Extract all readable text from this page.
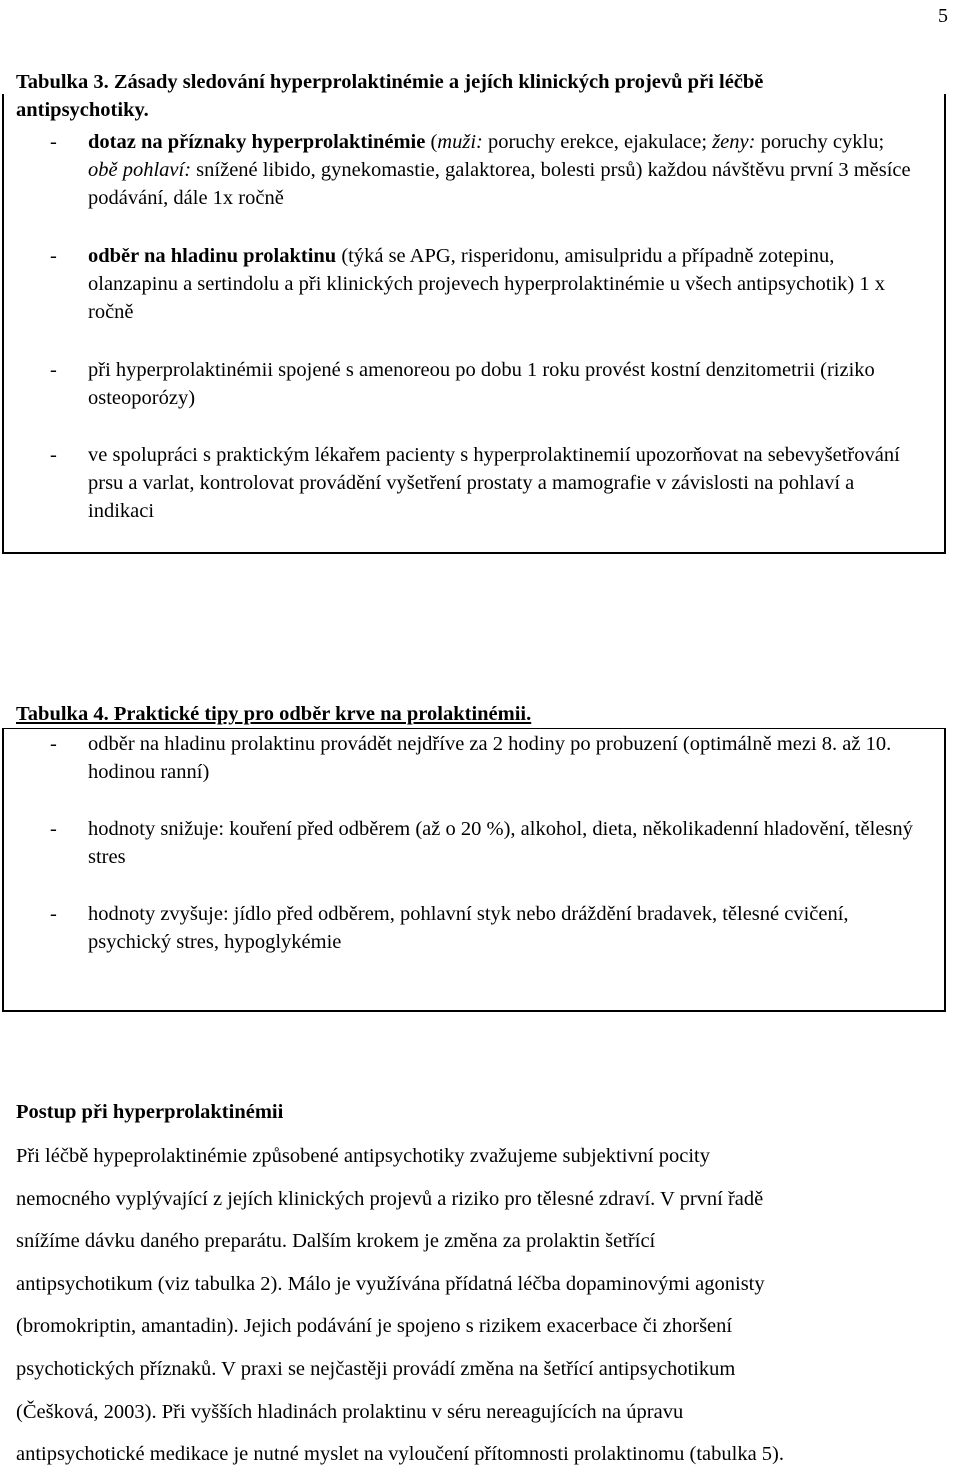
5
Tabulka 3. Zásady sledování hyperprolaktinémie a jejích klinických projevů při léčbě
antipsychotiky.
- dotaz na příznaky hyperprolaktinémie (muži: poruchy erekce, ejakulace; ženy: poruchy cyklu; obě pohlaví: snížené libido, gynekomastie, galaktorea, bolesti prsů) každou návštěvu první 3 měsíce podávání, dále 1x ročně
- odběr na hladinu prolaktinu (týká se APG, risperidonu, amisulpridu a případně zotepinu, olanzapinu a sertindolu a při klinických projevech hyperprolaktinémie u všech antipsychotik) 1 x ročně
- při hyperprolaktinémii spojené s amenoreou po dobu 1 roku provést kostní denzitometrii (riziko osteoporózy)
- ve spolupráci s praktickým lékařem pacienty s hyperprolaktinemií upozorňovat na sebevyšetřování prsu a varlat, kontrolovat provádění vyšetření prostaty a mamografie v závislosti na pohlaví a indikaci
Tabulka 4. Praktické tipy pro odběr krve na prolaktinémii.
- odběr na hladinu prolaktinu provádět nejdříve za 2 hodiny po probuzení (optimálně mezi 8. až 10. hodinou ranní)
- hodnoty snižuje: kouření před odběrem (až o 20 %), alkohol, dieta, několikadenní hladovění, tělesný stres
- hodnoty zvyšuje: jídlo před odběrem, pohlavní styk nebo dráždění bradavek, tělesné cvičení, psychický stres, hypoglykémie
Postup při hyperprolaktinémii

Při léčbě hypeprolaktinémie způsobené antipsychotiky zvažujeme subjektivní pocity
nemocného vyplývající z jejích klinických projevů a riziko pro tělesné zdraví. V první řadě
snížíme dávku daného preparátu. Dalším krokem je změna za prolaktin šetřící
antipsychotikum (viz tabulka 2). Málo je využívána přídatná léčba dopaminovými agonisty
(bromokriptin, amantadin). Jejich podávání je spojeno s rizikem exacerbace či zhoršení
psychotických příznaků. V praxi se nejčastěji provádí změna na šetřící antipsychotikum
(Češková, 2003). Při vyšších hladinách prolaktinu v séru nereagujících na úpravu
antipsychotické medikace je nutné myslet na vyloučení přítomnosti prolaktinomu (tabulka 5).
